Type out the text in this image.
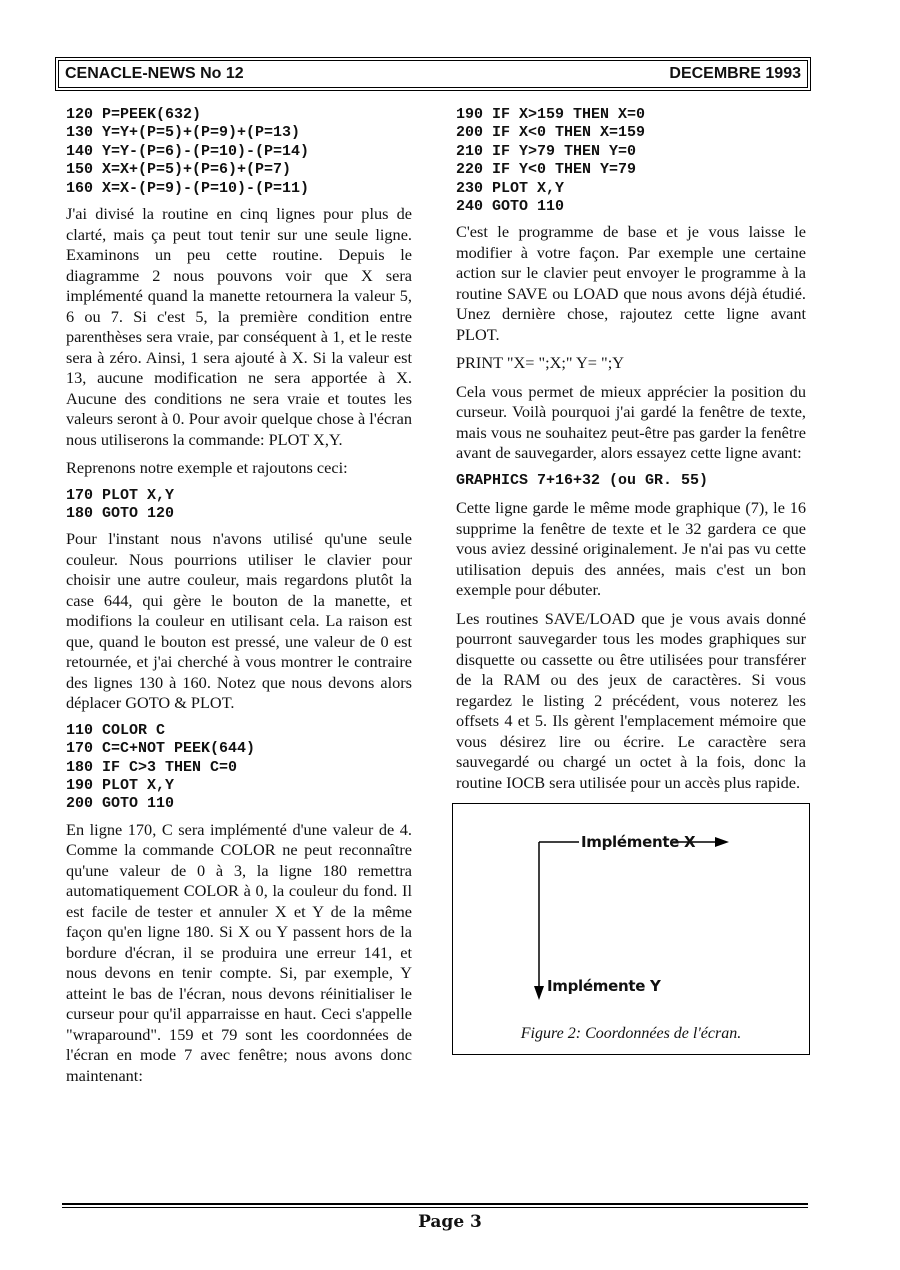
CENACLE-NEWS No 12	DECEMBRE 1993
120 P=PEEK(632)
130 Y=Y+(P=5)+(P=9)+(P=13)
140 Y=Y-(P=6)-(P=10)-(P=14)
150 X=X+(P=5)+(P=6)+(P=7)
160 X=X-(P=9)-(P=10)-(P=11)

J'ai divisé la routine en cinq lignes pour plus de clarté, mais ça peut tout tenir sur une seule ligne. Examinons un peu cette routine. Depuis le diagramme 2 nous pouvons voir que X sera implémenté quand la manette retournera la valeur 5, 6 ou 7. Si c'est 5, la première condition entre parenthèses sera vraie, par conséquent à 1, et le reste sera à zéro. Ainsi, 1 sera ajouté à X. Si la valeur est 13, aucune modification ne sera apportée à X. Aucune des conditions ne sera vraie et toutes les valeurs seront à 0. Pour avoir quelque chose à l'écran nous utiliserons la commande: PLOT X,Y.

Reprenons notre exemple et rajoutons ceci:

170 PLOT X,Y
180 GOTO 120

Pour l'instant nous n'avons utilisé qu'une seule couleur. Nous pourrions utiliser le clavier pour choisir une autre couleur, mais regardons plutôt la case 644, qui gère le bouton de la manette, et modifions la couleur en utilisant cela. La raison est que, quand le bouton est pressé, une valeur de 0 est retournée, et j'ai cherché à vous montrer le contraire des lignes 130 à 160. Notez que nous devons alors déplacer GOTO & PLOT.

110 COLOR C
170 C=C+NOT PEEK(644)
180 IF C>3 THEN C=0
190 PLOT X,Y
200 GOTO 110

En ligne 170, C sera implémenté d'une valeur de 4. Comme la commande COLOR ne peut reconnaître qu'une valeur de 0 à 3, la ligne 180 remettra automatiquement COLOR à 0, la couleur du fond. Il est facile de tester et annuler X et Y de la même façon qu'en ligne 180. Si X ou Y passent hors de la bordure d'écran, il se produira une erreur 141, et nous devons en tenir compte. Si, par exemple, Y atteint le bas de l'écran, nous devons réinitialiser le curseur pour qu'il apparraisse en haut. Ceci s'appelle "wraparound". 159 et 79 sont les coordonnées de l'écran en mode 7 avec fenêtre; nous avons donc maintenant:

190 IF X>159 THEN X=0
200 IF X<0 THEN X=159
210 IF Y>79 THEN Y=0
220 IF Y<0 THEN Y=79
230 PLOT X,Y
240 GOTO 110

C'est le programme de base et je vous laisse le modifier à votre façon. Par exemple une certaine action sur le clavier peut envoyer le programme à la routine SAVE ou LOAD que nous avons déjà étudié. Unez dernière chose, rajoutez cette ligne avant PLOT.

PRINT "X= ";X;" Y= ";Y

Cela vous permet de mieux apprécier la position du curseur. Voilà pourquoi j'ai gardé la fenêtre de texte, mais vous ne souhaitez peut-être pas garder la fenêtre avant de sauvegarder, alors essayez cette ligne avant:

GRAPHICS 7+16+32 (ou GR. 55)

Cette ligne garde le même mode graphique (7), le 16 supprime la fenêtre de texte et le 32 gardera ce que vous aviez dessiné originalement. Je n'ai pas vu cette utilisation depuis des années, mais c'est un bon exemple pour débuter.

Les routines SAVE/LOAD que je vous avais donné pourront sauvegarder tous les modes graphiques sur disquette ou cassette ou être utilisées pour transférer de la RAM ou des jeux de caractères. Si vous regardez le listing 2 précédent, vous noterez les offsets 4 et 5. Ils gèrent l'emplacement mémoire que vous désirez lire ou écrire. Le caractère sera sauvegardé ou chargé un octet à la fois, donc la routine IOCB sera utilisée pour un accès plus rapide.

Implémente X
Implémente Y
Figure 2: Coordonnées de l'écran.
Page 3
